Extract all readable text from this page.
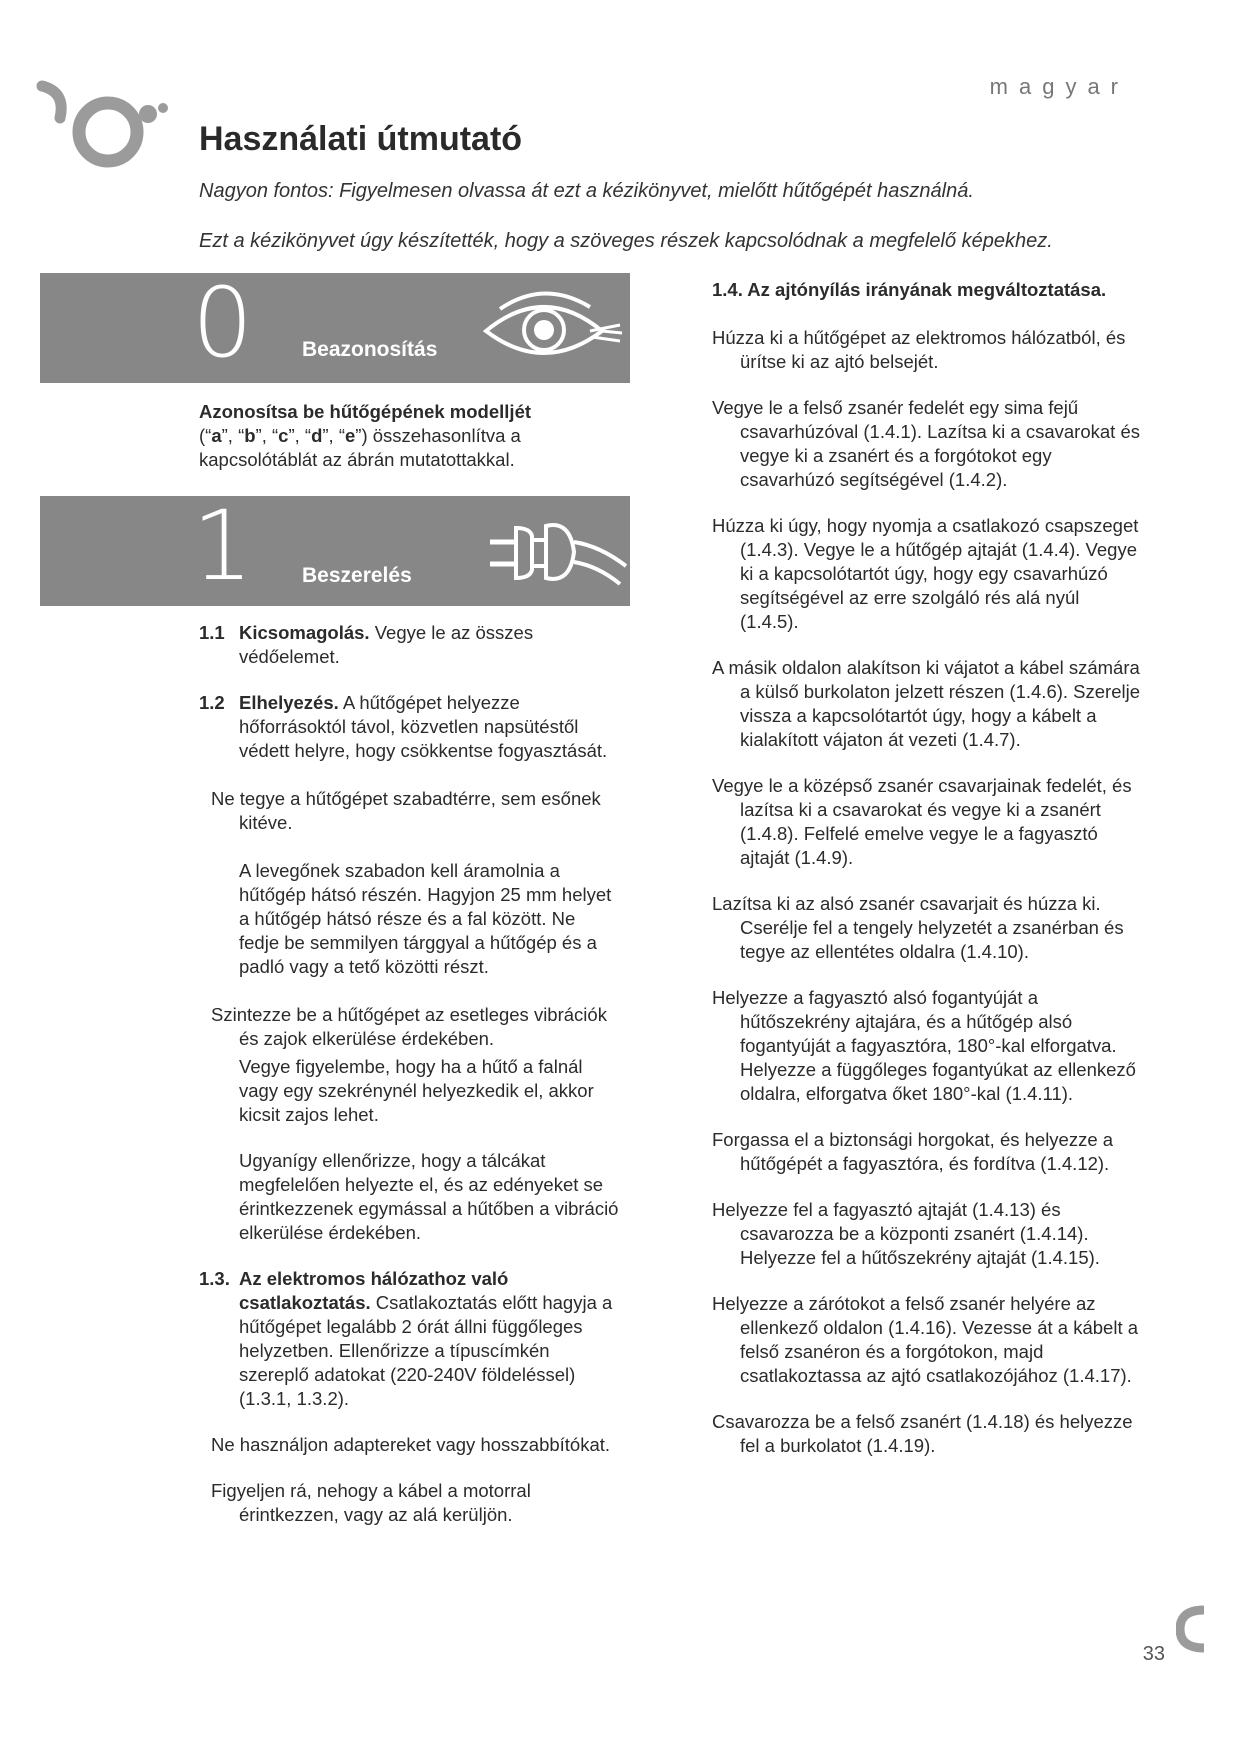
magyar
Használati útmutató
Nagyon fontos: Figyelmesen olvassa át ezt a kézikönyvet, mielőtt hűtőgépét használná.
Ezt a kézikönyvet úgy készítették, hogy a szöveges részek kapcsolódnak a megfelelő képekhez.
0 Beazonosítás

Azonosítsa be hűtőgépének modelljét
(“a”, “b”, “c”, “d”, “e”) összehasonlítva a kapcsolótáblát az ábrán mutatottakkal.

1 Beszerelés

1.1 Kicsomagolás. Vegye le az összes védőelemet.

1.2 Elhelyezés. A hűtőgépet helyezze hőforrásoktól távol, közvetlen napsütéstől védett helyre, hogy csökkentse fogyasztását.

Ne tegye a hűtőgépet szabadtérre, sem esőnek kitéve.

A levegőnek szabadon kell áramolnia a hűtőgép hátsó részén. Hagyjon 25 mm helyet a hűtőgép hátsó része és a fal között. Ne fedje be semmilyen tárggyal a hűtőgép és a padló vagy a tető közötti részt.

Szintezze be a hűtőgépet az esetleges vibrációk és zajok elkerülése érdekében.

Vegye figyelembe, hogy ha a hűtő a falnál vagy egy szekrénynél helyezkedik el, akkor kicsit zajos lehet.

Ugyanígy ellenőrizze, hogy a tálcákat megfelelően helyezte el, és az edényeket se érintkezzenek egymással a hűtőben a vibráció elkerülése érdekében.

1.3. Az elektromos hálózathoz való csatlakoztatás. Csatlakoztatás előtt hagyja a hűtőgépet legalább 2 órát állni függőleges helyzetben. Ellenőrizze a típuscímkén szereplő adatokat (220-240V földeléssel) (1.3.1, 1.3.2).

Ne használjon adaptereket vagy hosszabbítókat.

Figyeljen rá, nehogy a kábel a motorral érintkezzen, vagy az alá kerüljön.

1.4. Az ajtónyílás irányának megváltoztatása.

Húzza ki a hűtőgépet az elektromos hálózatból, és ürítse ki az ajtó belsejét.

Vegye le a felső zsanér fedelét egy sima fejű csavarhúzóval (1.4.1). Lazítsa ki a csavarokat és vegye ki a zsanért és a forgótokot egy csavarhúzó segítségével (1.4.2).

Húzza ki úgy, hogy nyomja a csatlakozó csapszeget (1.4.3). Vegye le a hűtőgép ajtaját (1.4.4). Vegye ki a kapcsolótartót úgy, hogy egy csavarhúzó segítségével az erre szolgáló rés alá nyúl (1.4.5).

A másik oldalon alakítson ki vájatot a kábel számára a külső burkolaton jelzett részen (1.4.6). Szerelje vissza a kapcsolótartót úgy, hogy a kábelt a kialakított vájaton át vezeti (1.4.7).

Vegye le a középső zsanér csavarjainak fedelét, és lazítsa ki a csavarokat és vegye ki a zsanért (1.4.8). Felfelé emelve vegye le a fagyasztó ajtaját (1.4.9).

Lazítsa ki az alsó zsanér csavarjait és húzza ki. Cserélje fel a tengely helyzetét a zsanérban és tegye az ellentétes oldalra (1.4.10).

Helyezze a fagyasztó alsó fogantyúját a hűtőszekrény ajtajára, és a hűtőgép alsó fogantyúját a fagyasztóra, 180°-kal elforgatva. Helyezze a függőleges fogantyúkat az ellenkező oldalra, elforgatva őket 180°-kal (1.4.11).

Forgassa el a biztonsági horgokat, és helyezze a hűtőgépét a fagyasztóra, és fordítva (1.4.12).

Helyezze fel a fagyasztó ajtaját (1.4.13) és csavarozza be a központi zsanért (1.4.14). Helyezze fel a hűtőszekrény ajtaját (1.4.15).

Helyezze a zárótokot a felső zsanér helyére az ellenkező oldalon (1.4.16). Vezesse át a kábelt a felső zsanéron és a forgótokon, majd csatlakoztassa az ajtó csatlakozójához (1.4.17).

Csavarozza be a felső zsanért (1.4.18) és helyezze fel a burkolatot (1.4.19).

33
